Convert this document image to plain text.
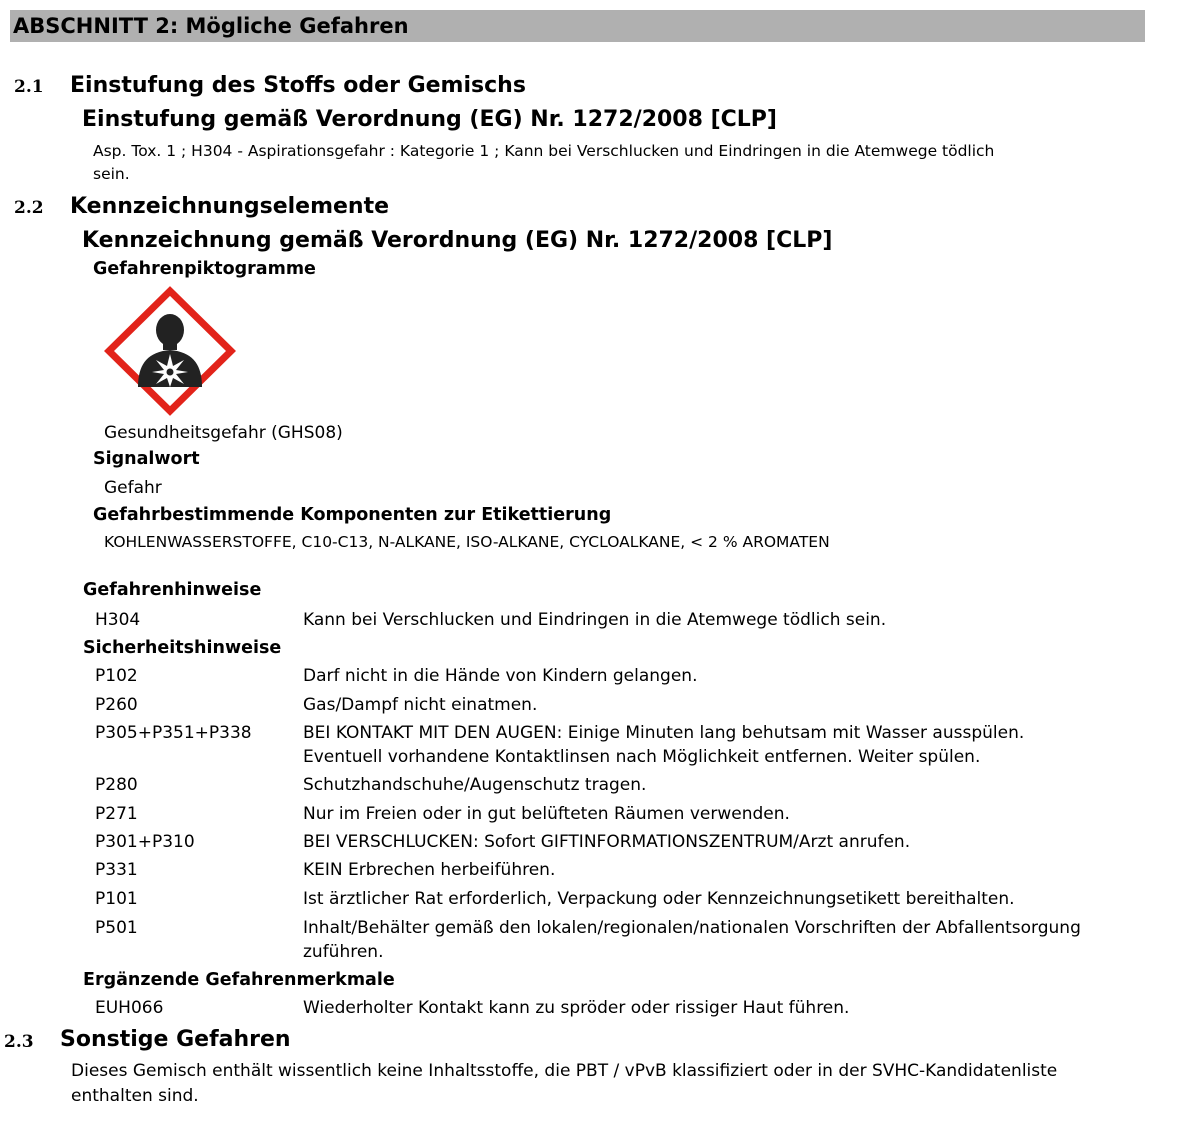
ABSCHNITT 2: Mögliche Gefahren
2.1 Einstufung des Stoffs oder Gemischs
Einstufung gemäß Verordnung (EG) Nr. 1272/2008 [CLP]
Asp. Tox. 1 ; H304 - Aspirationsgefahr : Kategorie 1 ; Kann bei Verschlucken und Eindringen in die Atemwege tödlich
sein.
2.2 Kennzeichnungselemente
Kennzeichnung gemäß Verordnung (EG) Nr. 1272/2008 [CLP]
Gefahrenpiktogramme
Gesundheitsgefahr (GHS08)
Signalwort
Gefahr
Gefahrbestimmende Komponenten zur Etikettierung
KOHLENWASSERSTOFFE, C10-C13, N-ALKANE, ISO-ALKANE, CYCLOALKANE, < 2 % AROMATEN
Gefahrenhinweise
H304	Kann bei Verschlucken und Eindringen in die Atemwege tödlich sein.
Sicherheitshinweise
P102	Darf nicht in die Hände von Kindern gelangen.
P260	Gas/Dampf nicht einatmen.
P305+P351+P338	BEI KONTAKT MIT DEN AUGEN: Einige Minuten lang behutsam mit Wasser ausspülen.
Eventuell vorhandene Kontaktlinsen nach Möglichkeit entfernen. Weiter spülen.
P280	Schutzhandschuhe/Augenschutz tragen.
P271	Nur im Freien oder in gut belüfteten Räumen verwenden.
P301+P310	BEI VERSCHLUCKEN: Sofort GIFTINFORMATIONSZENTRUM/Arzt anrufen.
P331	KEIN Erbrechen herbeiführen.
P101	Ist ärztlicher Rat erforderlich, Verpackung oder Kennzeichnungsetikett bereithalten.
P501	Inhalt/Behälter gemäß den lokalen/regionalen/nationalen Vorschriften der Abfallentsorgung
zuführen.
Ergänzende Gefahrenmerkmale
EUH066	Wiederholter Kontakt kann zu spröder oder rissiger Haut führen.
2.3 Sonstige Gefahren
Dieses Gemisch enthält wissentlich keine Inhaltsstoffe, die PBT / vPvB klassifiziert oder in der SVHC-Kandidatenliste
enthalten sind.
